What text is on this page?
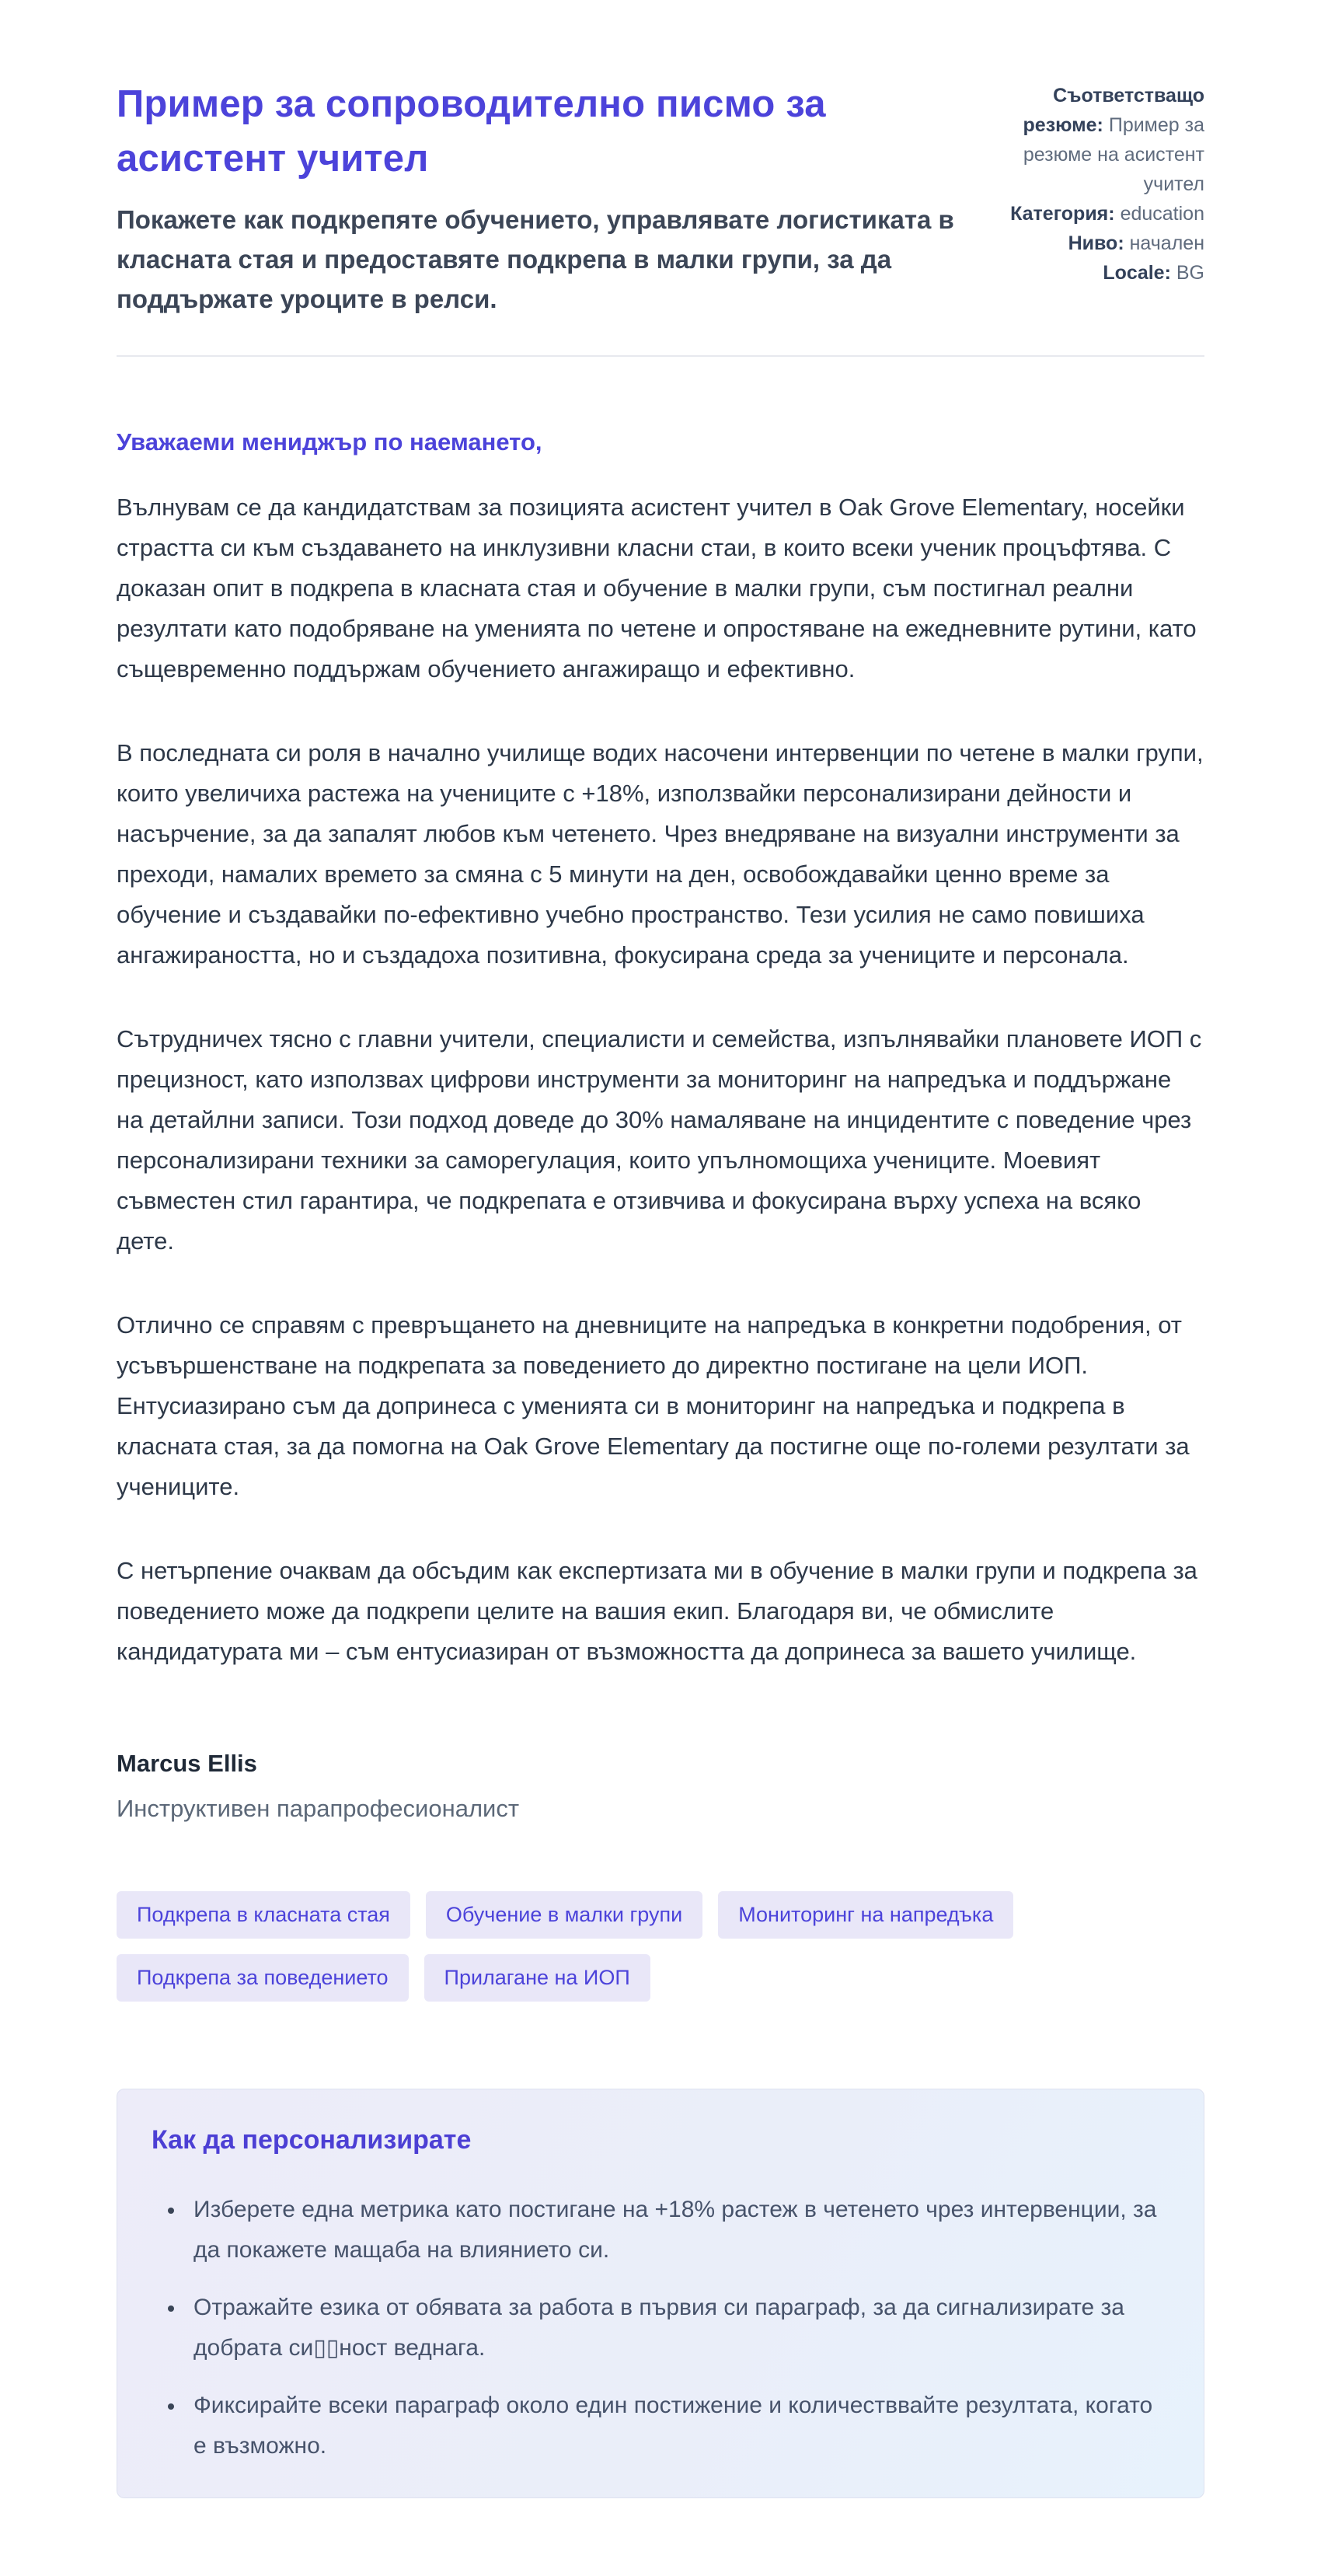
Пример за сопроводително писмо за асистент учител

Покажете как подкрепяте обучението, управлявате логистиката в класната стая и предоставяте подкрепа в малки групи, за да поддържате уроците в релси.

Съответстващо резюме: Пример за резюме на асистент учител
Категория: education
Ниво: начален
Locale: BG

Уважаеми мениджър по наемането,

Вълнувам се да кандидатствам за позицията асистент учител в Oak Grove Elementary, носейки страстта си към създаването на инклузивни класни стаи, в които всеки ученик процъфтява. С доказан опит в подкрепа в класната стая и обучение в малки групи, съм постигнал реални резултати като подобряване на уменията по четене и опростяване на ежедневните рутини, като същевременно поддържам обучението ангажиращо и ефективно.

В последната си роля в начално училище водих насочени интервенции по четене в малки групи, които увеличиха растежа на учениците с +18%, използвайки персонализирани дейности и насърчение, за да запалят любов към четенето. Чрез внедряване на визуални инструменти за преходи, намалих времето за смяна с 5 минути на ден, освобождавайки ценно време за обучение и създавайки по-ефективно учебно пространство. Тези усилия не само повишиха ангажираността, но и създадоха позитивна, фокусирана среда за учениците и персонала.

Сътрудничех тясно с главни учители, специалисти и семейства, изпълнявайки плановете ИОП с прецизност, като използвах цифрови инструменти за мониторинг на напредъка и поддържане на детайлни записи. Този подход доведе до 30% намаляване на инцидентите с поведение чрез персонализирани техники за саморегулация, които упълномощиха учениците. Моевият съвместен стил гарантира, че подкрепата е отзивчива и фокусирана върху успеха на всяко дете.

Отлично се справям с превръщането на дневниците на напредъка в конкретни подобрения, от усъвършенстване на подкрепата за поведението до директно постигане на цели ИОП. Ентусиазирано съм да допринеса с уменията си в мониторинг на напредъка и подкрепа в класната стая, за да помогна на Oak Grove Elementary да постигне още по-големи резултати за учениците.

С нетърпение очаквам да обсъдим как експертизата ми в обучение в малки групи и подкрепа за поведението може да подкрепи целите на вашия екип. Благодаря ви, че обмислите кандидатурата ми – съм ентусиазиран от възможността да допринеса за вашето училище.

Marcus Ellis

Инструктивен парапрофесионалист

Подкрепа в класната стая	Обучение в малки групи	Мониторинг на напредъка
Подкрепа за поведението	Прилагане на ИОП
Как да персонализирате
• Изберете една метрика като постигане на +18% растеж в четенето чрез интервенции, за да покажете мащаба на влиянието си.
• Отражайте езика от обявата за работа в първия си параграф, за да сигнализирате за добрата си▯▯ност веднага.
• Фиксирайте всеки параграф около един постижение и количестввайте резултата, когато е възможно.
